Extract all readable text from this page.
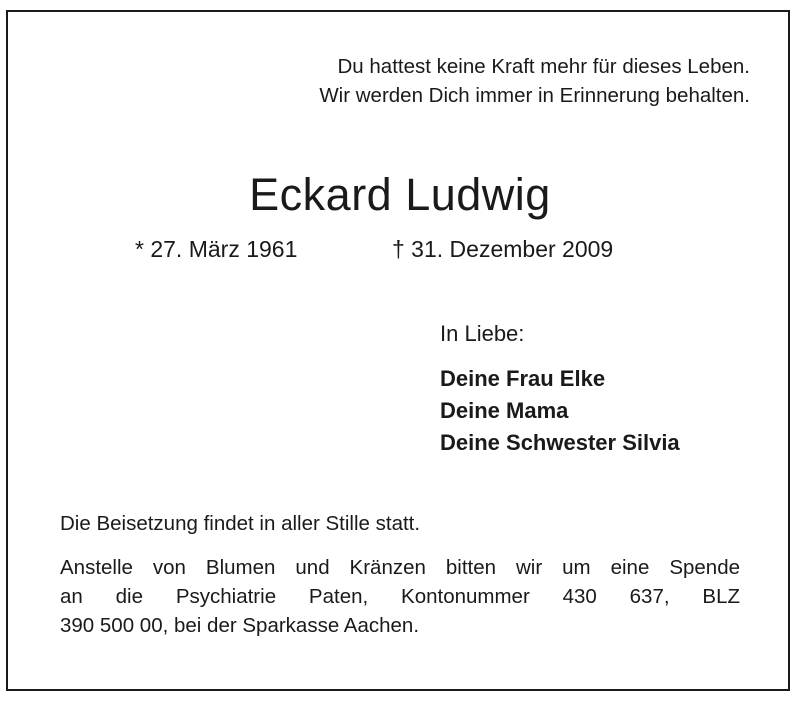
Du hattest keine Kraft mehr für dieses Leben.
Wir werden Dich immer in Erinnerung behalten.
Eckard Ludwig
* 27. März 1961	† 31. Dezember 2009
In Liebe:
Deine Frau Elke
Deine Mama
Deine Schwester Silvia
Die Beisetzung findet in aller Stille statt.
Anstelle von Blumen und Kränzen bitten wir um eine Spende
an die Psychiatrie Paten, Kontonummer 430 637, BLZ
390 500 00, bei der Sparkasse Aachen.
